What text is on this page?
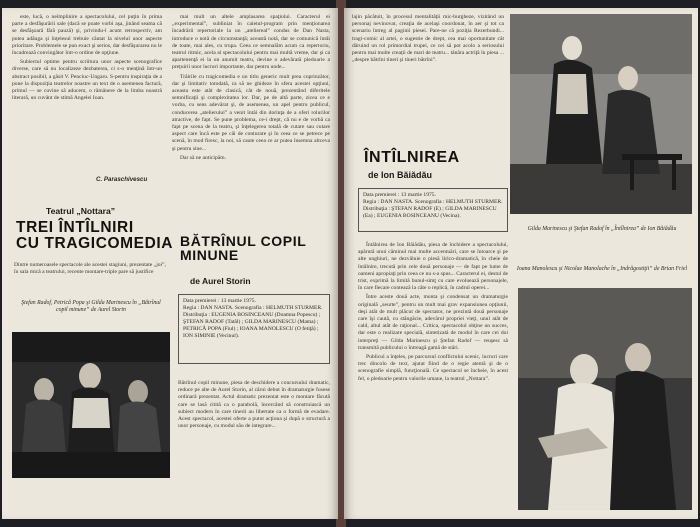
este, lucă, o neîmplinire a spectacolului, cel puţin în prima parte a desfăşurării sale (dacă se poate vorbi aşa, jinând seama că se desfăşoară fără pauză) şi, privindu-l acum retrospectiv, am putea adăuga şi înţelesul trebuie căutat la nivelul unor aspecte prioritare. Problemele se pun exact şi serios, dar desfăşurarea nu le încadrează convingător într-o ordine de opţiune.

Subiectul optime pentru scriitura unor aspecte scenografice diverse, care să nu localizeze dezbaterea, ci s-o menţină într-un abstract posibil, a găsit V. Penciuc-Ungaru. S-pentru inspiraţia de a pune la dispoziţia teatrelor noastre un text de o asemenea factură, primul — se cuvine să aducem, o rămânere de la limba noastră literară, un cuvânt de stimă Angelei Ioan.

C. Paraschivescu

mai mult un altele amplasarea spaţiului. Caracterul ei „experimental”, subliniat în caietul-program prin menţionarea încadrării repertoriale la un „ateliereal” condus de Dan Nasta, introduce o notă de circumstanţă; această notă, dar se comunică întâi de toate, mai ales, cu trupa. Ceea ce semnalăm acum ca repertoriu, teatrul ritmic, acela al spectacolului pentru mai multă vreme, dar şi ca apartenenţă ei la un anumit teatru, devine o adevărată pledoarie a preţuirii unor lucruri importante, dar pentru unde...

Trăirile cu tragicomedia e un titlu generic mult prea cuprinzător, dar şi limitativ totodată, ca să ne ghideze în sfera acestei opţiuni, aceasta este atât de clasică, cât de nouă, prezentând diferitele semnificaţii şi complexitatea lor. Dar, pe de altă parte, zicea ce e vorba, cu sens adevărat şi, de asemenea, un apel pentru publicul, conducerea „atelierului” a venit întâi din dorinţa de a oferi rolurilor atractive, de fapt. Se pune problema, ce-i drept, că nu e de vorbă ca fapt pe scena de la teatru, şi înţelegerea totală de cutare sau cutare aspect care încă este pe căi de conturare şi în ceea ce se petrece pe scenă, în mod firesc, la noi, să caute ceea ce ar putea însemna altceva şi pentru sine...

Dar să ne anticipăm.

Teatrul „Nottara”
TREI ÎNTÎLNIRI
CU TRAGICOMEDIA
Dintre numeroasele spectacole ale acestei stagiuni, prezentate „joi”, în sala mică a teatrului, recente montare-triple pare să justifice
Ştefan Radof, Petrică Popa şi Gilda Marinescu în „Bătrînul copil minune” de Aurel Storin
BĂTRÎNUL COPIL
MINUNE
de Aurel Storin
Data premierei : 13 martie 1975.
Regia : DAN NASTA. Scenografia : HELMUTH STURMER.
Distribuţia : EUGENIA BOSINCEANU (Doamna Popescu) ; ŞTEFAN RADOF (Tatăl) ; GILDA MARINESCU (Mama) ; PETRICĂ POPA (Fiul) ; IOANA MANOLESCU (O fetiţă) ; ION SIMINIE (Vecinul).
Bătrînul copil minune, piesa de deschidere a concursului dramatic, reduce pe alte de Aurel Storin, al cărui debut în dramaturgie fusese ordinară prezentat. Actul dramatic prezentat este o montare făcută care se lasă citită ca o parabolă, încercând să construiască un subiect modern în care tinerii au libertate ca o formă de evadare. Acest spectacol, acestei oferte a putut acţiona şi după o structură a unor personaje, cu modul său de integrare...
lajin păcătuit, în procesul mentalităţii mic-burgheze, vizitând un personaj nevinovat, creaţia de acelaşi coordonat, în aer şi tot ca scenariu întreg al paginii piesei. Pare-ne că poziţia Rezerbundi... tragi-comic al artei, o sugestie de drept, cea mai oportunitate cât dăruind un rol primordial trupei, ce cei să pot acolo a seriosului pentru mai multe creaţii de mari de teatru... tânăra actriţă în piesa ... „despre bătrîni tineri şi tineri bătrîni”.
Gilda Marinescu şi Ştefan Radof în „Întîlnirea” de Ion Băiădău
ÎNTÎLNIREA
de Ion Băiădău
Data premierei : 13 martie 1975.
Regia : DAN NASTA. Scenografia : HELMUTH STURMER.
Distribuţia : ŞTEFAN RADOF (E) ; GILDA MARINESCU (Ea) ; EUGENIA BOSINCEANU (Vecina).

Întâlnirea de Ion Băiădău, piesa de închidere a spectacolului, apărută unui căminul mai multe accentuări, care se întoarce şi pe alte unghiuri, ne dezvăluie o piesă lirico-dramatică, în cheie de întâlnire, trecută prin cele două personaje — de fapt pe lume de oameni apropiaţi prin ceea ce nu s-a spus... Caracterul ei, destul de trist, exprimă la limită bunul-simţ cu care evoluează personajele, în care fiecare contează la câte o replică, în cadrul operei...

Între aceste două acte, monta şi condensat un dramaturgie originală „seurte”, pentru un mult mai grav expansiunea opţiunii, deşi atât de mult plăcut de spectator, ne prezintă două personaje care îşi caută, cu stângăcie, adevărul propriei vieţi, unul atât de cald, altul atât de raţional... Critica, spectacolul obţine un succes, dar este o realizare specială, sintetizată de modul în care cei doi interpreţi — Gilda Marinescu şi Ştefan Radof — reuşesc să transmită publicului o întreagă gamă de stări.

Publicul a înţeles, pe parcursul conflictului scenic, lucruri care trec dincolo de text, ajutat fiind de o regie atentă şi de o scenografie simplă, funcţională. Ce spectacol se încheie, în acest fel, o pledoarie pentru valorile umane, la teatrul „Nottara”.

Ioana Manolescu şi Nicolae Manolache în „Indrăgostiţii” de Brian Friel
